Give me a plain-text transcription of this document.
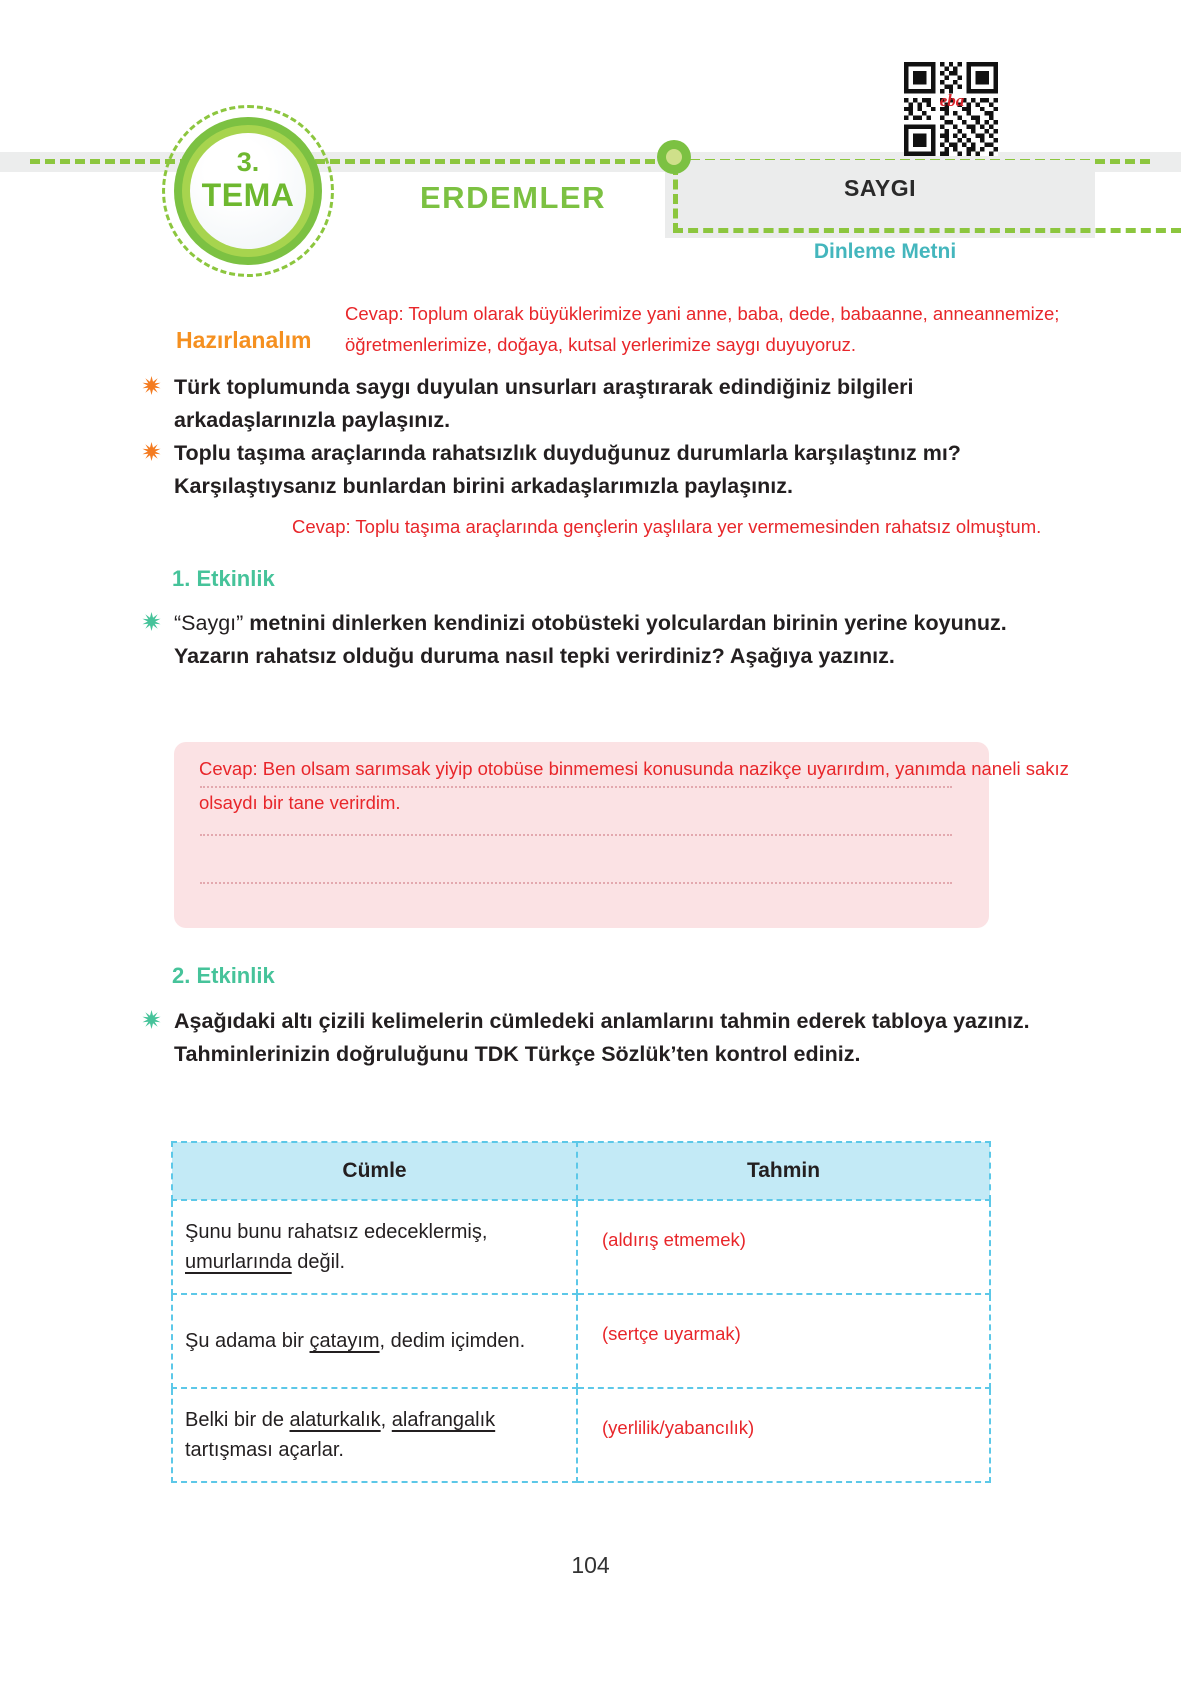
SAYGI
Dinleme Metni
3.
TEMA	ERDEMLER
eba
Hazırlanalım
Cevap: Toplum olarak büyüklerimize yani anne, baba, dede, babaanne, anneannemize; öğretmenlerimize, doğaya, kutsal yerlerimize saygı duyuyoruz.
Türk toplumunda saygı duyulan unsurları araştırarak edindiğiniz bilgileri arkadaşlarınızla paylaşınız.
Toplu taşıma araçlarında rahatsızlık duyduğunuz durumlarla karşılaştınız mı? Karşılaştıysanız bunlardan birini arkadaşlarımızla paylaşınız.
Cevap: Toplu taşıma araçlarında gençlerin yaşlılara yer vermemesinden rahatsız olmuştum.
1. Etkinlik
“Saygı” metnini dinlerken kendinizi otobüsteki yolculardan birinin yerine koyunuz. Yazarın rahatsız olduğu duruma nasıl tepki verirdiniz? Aşağıya yazınız.
Cevap: Ben olsam sarımsak yiyip otobüse binmemesi konusunda nazikçe uyarırdım, yanımda naneli sakız olsaydı bir tane verirdim.
2. Etkinlik
Aşağıdaki altı çizili kelimelerin cümledeki anlamlarını tahmin ederek tabloya yazınız. Tahminlerinizin doğruluğunu TDK Türkçe Sözlük’ten kontrol ediniz.
Cümle	Tahmin
Şunu bunu rahatsız edeceklermiş, umurlarında değil.	(aldırış etmemek)

Şu adama bir çatayım, dedim içimden.	(sertçe uyarmak)

Belki bir de alaturkalık, alafrangalık tartışması açarlar.	(yerlilik/yabancılık)
104
